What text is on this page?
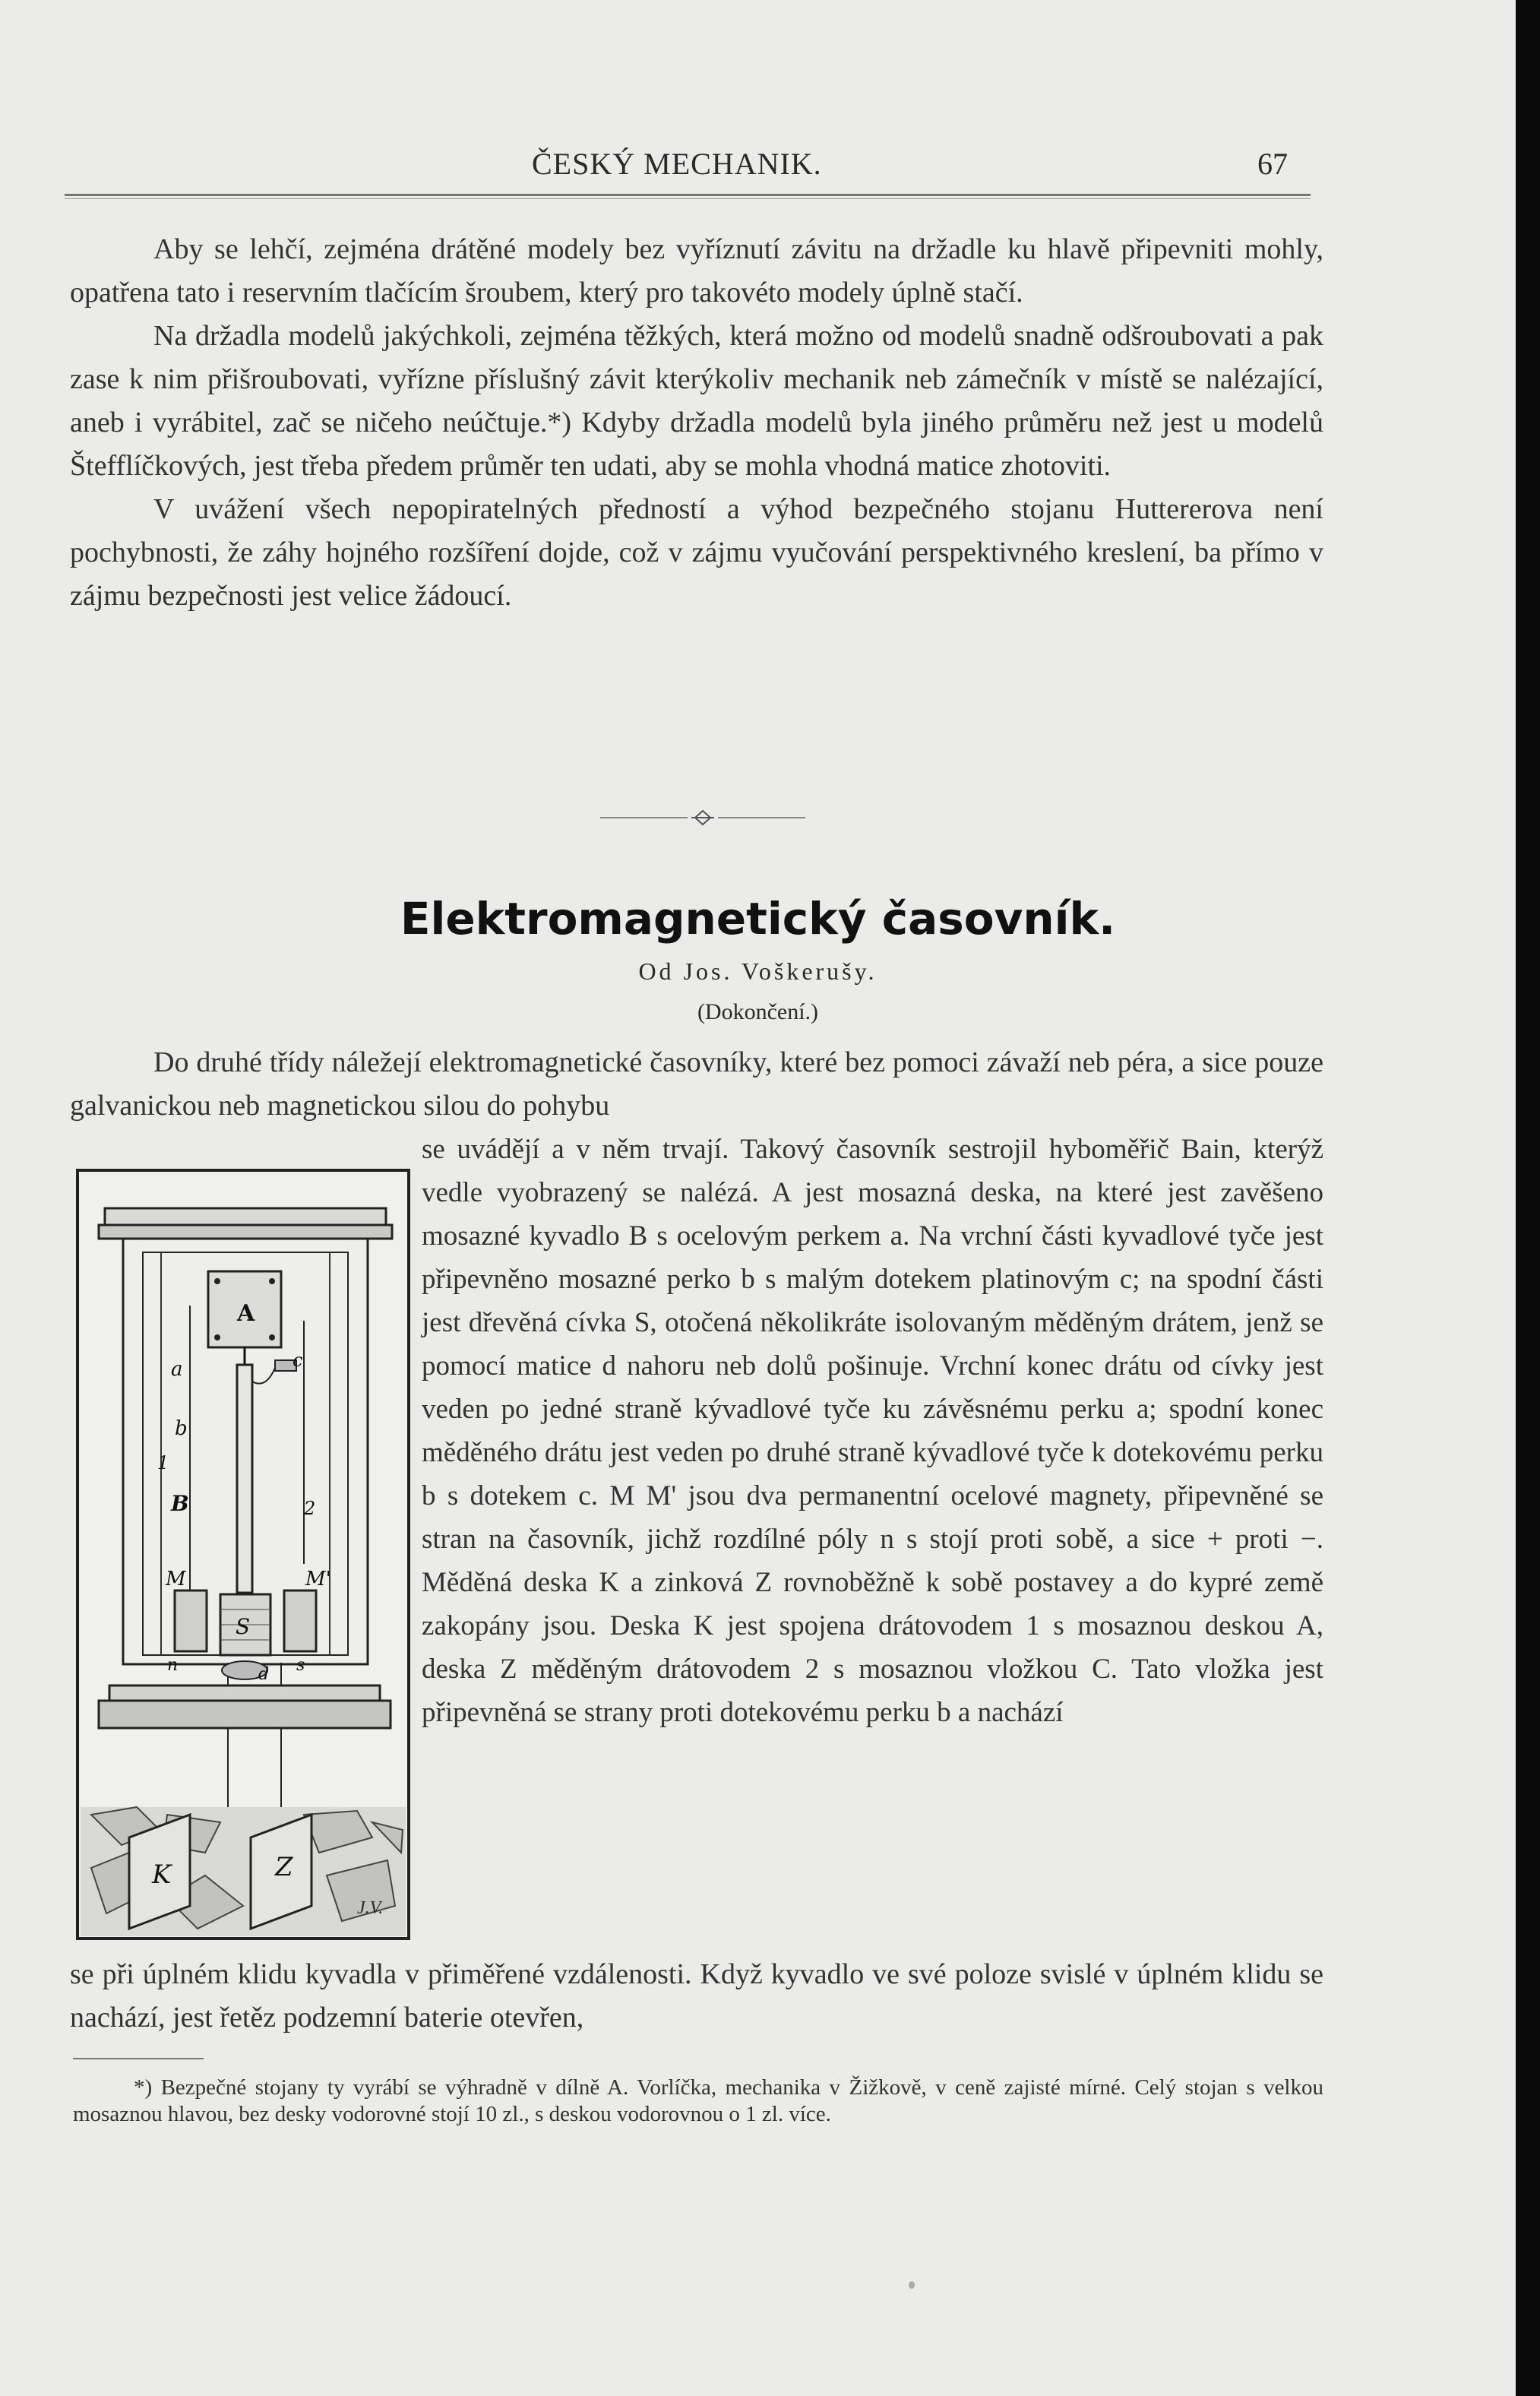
ČESKÝ MECHANIK.	67

Aby se lehčí, zejména drátěné modely bez vyříznutí závitu na držadle ku hlavě připevniti mohly, opatřena tato i reservním tlačícím šroubem, který pro takovéto modely úplně stačí.

Na držadla modelů jakýchkoli, zejména těžkých, která možno od modelů snadně odšroubovati a pak zase k nim přišroubovati, vyřízne příslušný závit kterýkoliv mechanik neb zámečník v místě se nalézající, aneb i vyrábitel, zač se ničeho neúčtuje.*) Kdyby držadla modelů byla jiného průměru než jest u modelů Štefflíčkových, jest třeba předem průměr ten udati, aby se mohla vhodná matice zhotoviti.

V uvážení všech nepopiratelných předností a výhod bezpečného stojanu Huttererova není pochybnosti, že záhy hojného rozšíření dojde, což v zájmu vyučování perspektivného kreslení, ba přímo v zájmu bezpečnosti jest velice žádoucí.

Elektromagnetický časovník.
Od Jos. Voškerušy.
(Dokončení.)

Do druhé třídy náležejí elektromagnetické časovníky, které bez pomoci závaží neb péra, a sice pouze galvanickou neb magnetickou silou do pohybu

se uvádějí a v něm trvají. Takový časovník sestrojil hyboměřič Bain, kterýž vedle vyobrazený se nalézá. A jest mosazná deska, na které jest zavěšeno mosazné kyvadlo B s ocelovým perkem a. Na vrchní části kyvadlové tyče jest připevněno mosazné perko b s malým dotekem platinovým c; na spodní části jest dřevěná cívka S, otočená několikráte isolovaným měděným drátem, jenž se pomocí matice d nahoru neb dolů pošinuje. Vrchní konec drátu od cívky jest veden po jedné straně kývadlové tyče ku závěsnému perku a; spodní konec měděného drátu jest veden po druhé straně kývadlové tyče k dotekovému perku b s dotekem c. M M' jsou dva permanentní ocelové magnety, připevněné se stran na časovník, jichž rozdílné póly n s stojí proti sobě, a sice + proti −. Měděná deska K a zinková Z rovnoběžně k sobě postavey a do kypré země zakopány jsou. Deska K jest spojena drátovodem 1 s mosaznou deskou A, deska Z měděným drátovodem 2 s mosaznou vložkou C. Tato vložka jest připevněná se strany proti dotekovému perku b a nachází
A
S
a
b
c
B
1
2
M	M'
n	s
d
K	Z
J.V.
se při úplném klidu kyvadla v přiměřené vzdálenosti. Když kyvadlo ve své poloze svislé v úplném klidu se nachází, jest řetěz podzemní baterie otevřen,

*) Bezpečné stojany ty vyrábí se výhradně v dílně A. Vorlíčka, mechanika v Žižkově, v ceně zajisté mírné. Celý stojan s velkou mosaznou hlavou, bez desky vodorovné stojí 10 zl., s deskou vodorovnou o 1 zl. více.
